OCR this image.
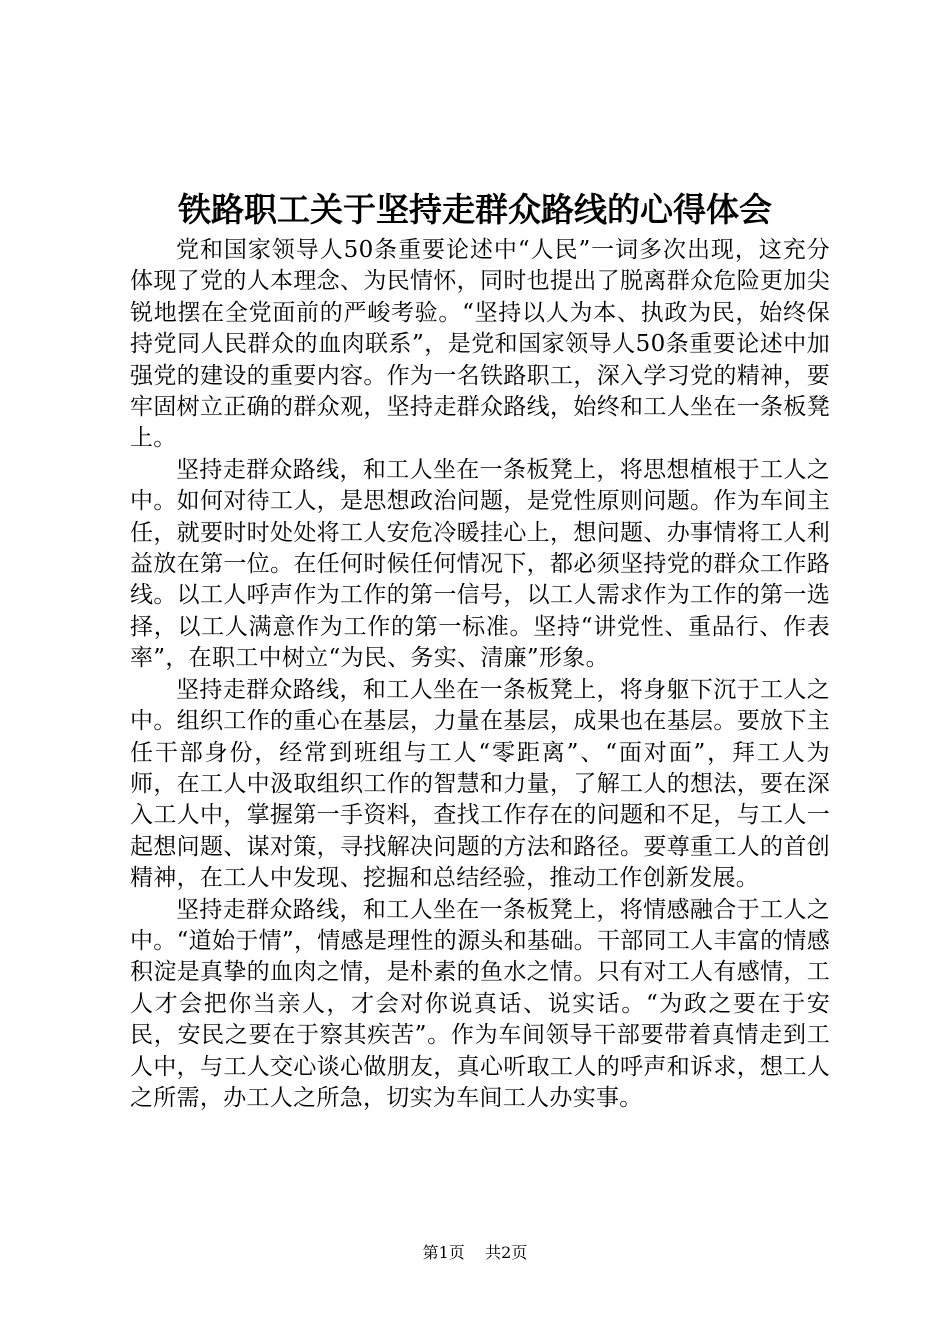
铁路职工关于坚持走群众路线的心得体会

党和国家领导人50条重要论述中“人民”一词多次出现，这充分体现了党的人本理念、为民情怀，同时也提出了脱离群众危险更加尖锐地摆在全党面前的严峻考验。“坚持以人为本、执政为民，始终保持党同人民群众的血肉联系”，是党和国家领导人50条重要论述中加强党的建设的重要内容。作为一名铁路职工，深入学习党的精神，要牢固树立正确的群众观，坚持走群众路线，始终和工人坐在一条板凳上。

坚持走群众路线，和工人坐在一条板凳上，将思想植根于工人之中。如何对待工人，是思想政治问题，是党性原则问题。作为车间主任，就要时时处处将工人安危冷暖挂心上，想问题、办事情将工人利益放在第一位。在任何时候任何情况下，都必须坚持党的群众工作路线。以工人呼声作为工作的第一信号，以工人需求作为工作的第一选择，以工人满意作为工作的第一标准。坚持“讲党性、重品行、作表率”，在职工中树立“为民、务实、清廉”形象。

坚持走群众路线，和工人坐在一条板凳上，将身躯下沉于工人之中。组织工作的重心在基层，力量在基层，成果也在基层。要放下主任干部身份，经常到班组与工人“零距离”、“面对面”，拜工人为师，在工人中汲取组织工作的智慧和力量，了解工人的想法，要在深入工人中，掌握第一手资料，查找工作存在的问题和不足，与工人一起想问题、谋对策，寻找解决问题的方法和路径。要尊重工人的首创精神，在工人中发现、挖掘和总结经验，推动工作创新发展。

坚持走群众路线，和工人坐在一条板凳上，将情感融合于工人之中。“道始于情”，情感是理性的源头和基础。干部同工人丰富的情感积淀是真挚的血肉之情，是朴素的鱼水之情。只有对工人有感情，工人才会把你当亲人，才会对你说真话、说实话。“为政之要在于安民，安民之要在于察其疾苦”。作为车间领导干部要带着真情走到工人中，与工人交心谈心做朋友，真心听取工人的呼声和诉求，想工人之所需，办工人之所急，切实为车间工人办实事。

第1页 共2页
